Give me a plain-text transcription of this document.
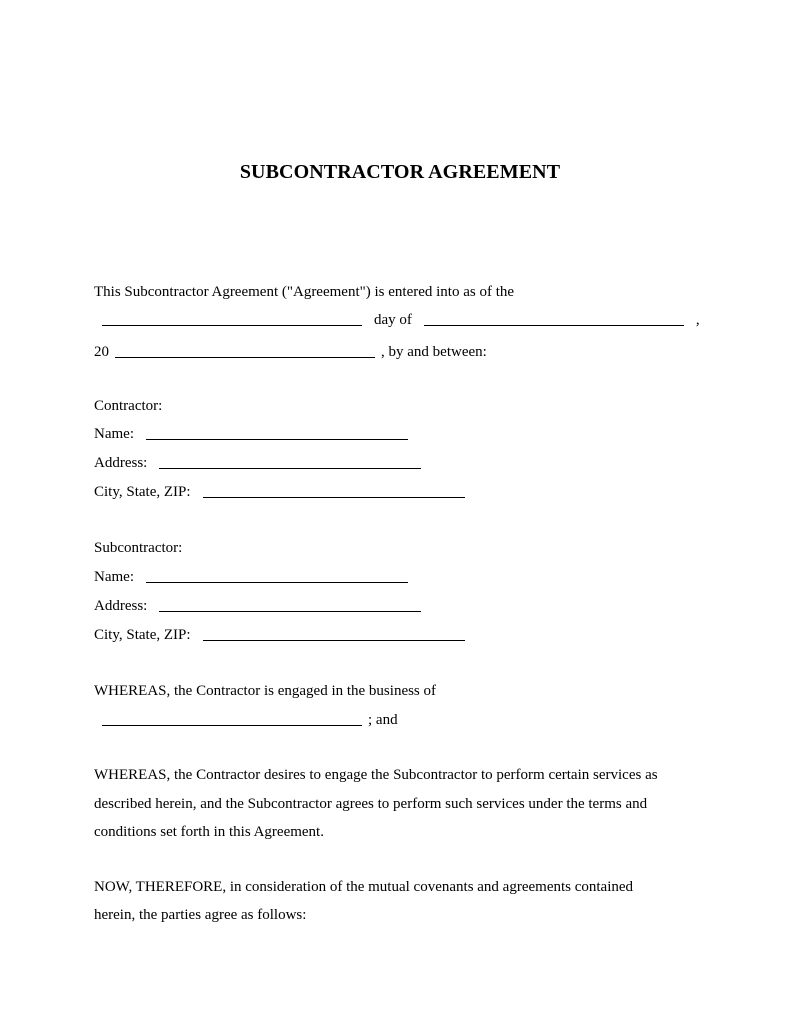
SUBCONTRACTOR AGREEMENT
This Subcontractor Agreement ("Agreement") is entered into as of the
day of	,
20	, by and between:
Contractor:
Name:
Address:
City, State, ZIP:
Subcontractor:
Name:
Address:
City, State, ZIP:
WHEREAS, the Contractor is engaged in the business of
; and
WHEREAS, the Contractor desires to engage the Subcontractor to perform certain services as
described herein, and the Subcontractor agrees to perform such services under the terms and
conditions set forth in this Agreement.
NOW, THEREFORE, in consideration of the mutual covenants and agreements contained
herein, the parties agree as follows:
